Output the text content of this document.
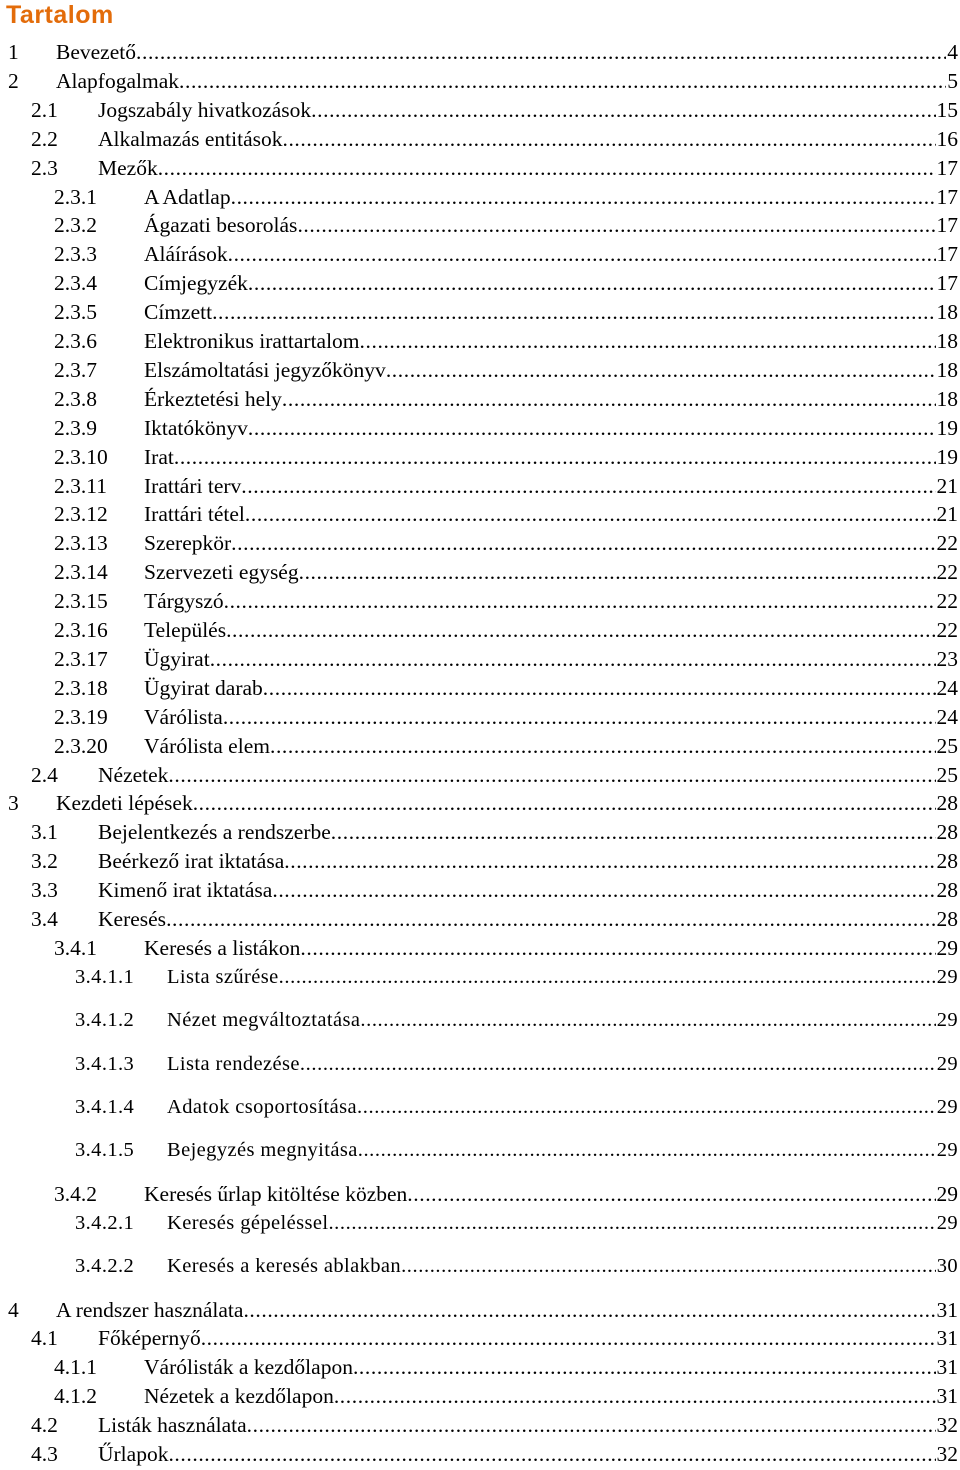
Tartalom
1	Bevezető .....	4
2	Alapfogalmak .....	5
2.1	Jogszabály hivatkozások .....	15
2.2	Alkalmazás entitások .....	16
2.3	Mezők .....	17
2.3.1	A Adatlap .....	17
2.3.2	Ágazati besorolás .....	17
2.3.3	Aláírások .....	17
2.3.4	Címjegyzék .....	17
2.3.5	Címzett .....	18
2.3.6	Elektronikus irattartalom .....	18
2.3.7	Elszámoltatási jegyzőkönyv .....	18
2.3.8	Érkeztetési hely .....	18
2.3.9	Iktatókönyv .....	19
2.3.10	Irat .....	19
2.3.11	Irattári terv .....	21
2.3.12	Irattári tétel .....	21
2.3.13	Szerepkör .....	22
2.3.14	Szervezeti egység .....	22
2.3.15	Tárgyszó .....	22
2.3.16	Település .....	22
2.3.17	Ügyirat .....	23
2.3.18	Ügyirat darab .....	24
2.3.19	Várólista .....	24
2.3.20	Várólista elem .....	25
2.4	Nézetek .....	25
3	Kezdeti lépések .....	28
3.1	Bejelentkezés a rendszerbe .....	28
3.2	Beérkező irat iktatása .....	28
3.3	Kimenő irat iktatása .....	28
3.4	Keresés .....	28
3.4.1	Keresés a listákon .....	29
3.4.1.1	Lista szűrése .....	29
3.4.1.2	Nézet megváltoztatása .....	29
3.4.1.3	Lista rendezése .....	29
3.4.1.4	Adatok csoportosítása .....	29
3.4.1.5	Bejegyzés megnyitása .....	29
3.4.2	Keresés űrlap kitöltése közben .....	29
3.4.2.1	Keresés gépeléssel .....	29
3.4.2.2	Keresés a keresés ablakban .....	30
4	A rendszer használata .....	31
4.1	Főképernyő .....	31
4.1.1	Várólisták a kezdőlapon .....	31
4.1.2	Nézetek a kezdőlapon .....	31
4.2	Listák használata .....	32
4.3	Űrlapok .....	32
